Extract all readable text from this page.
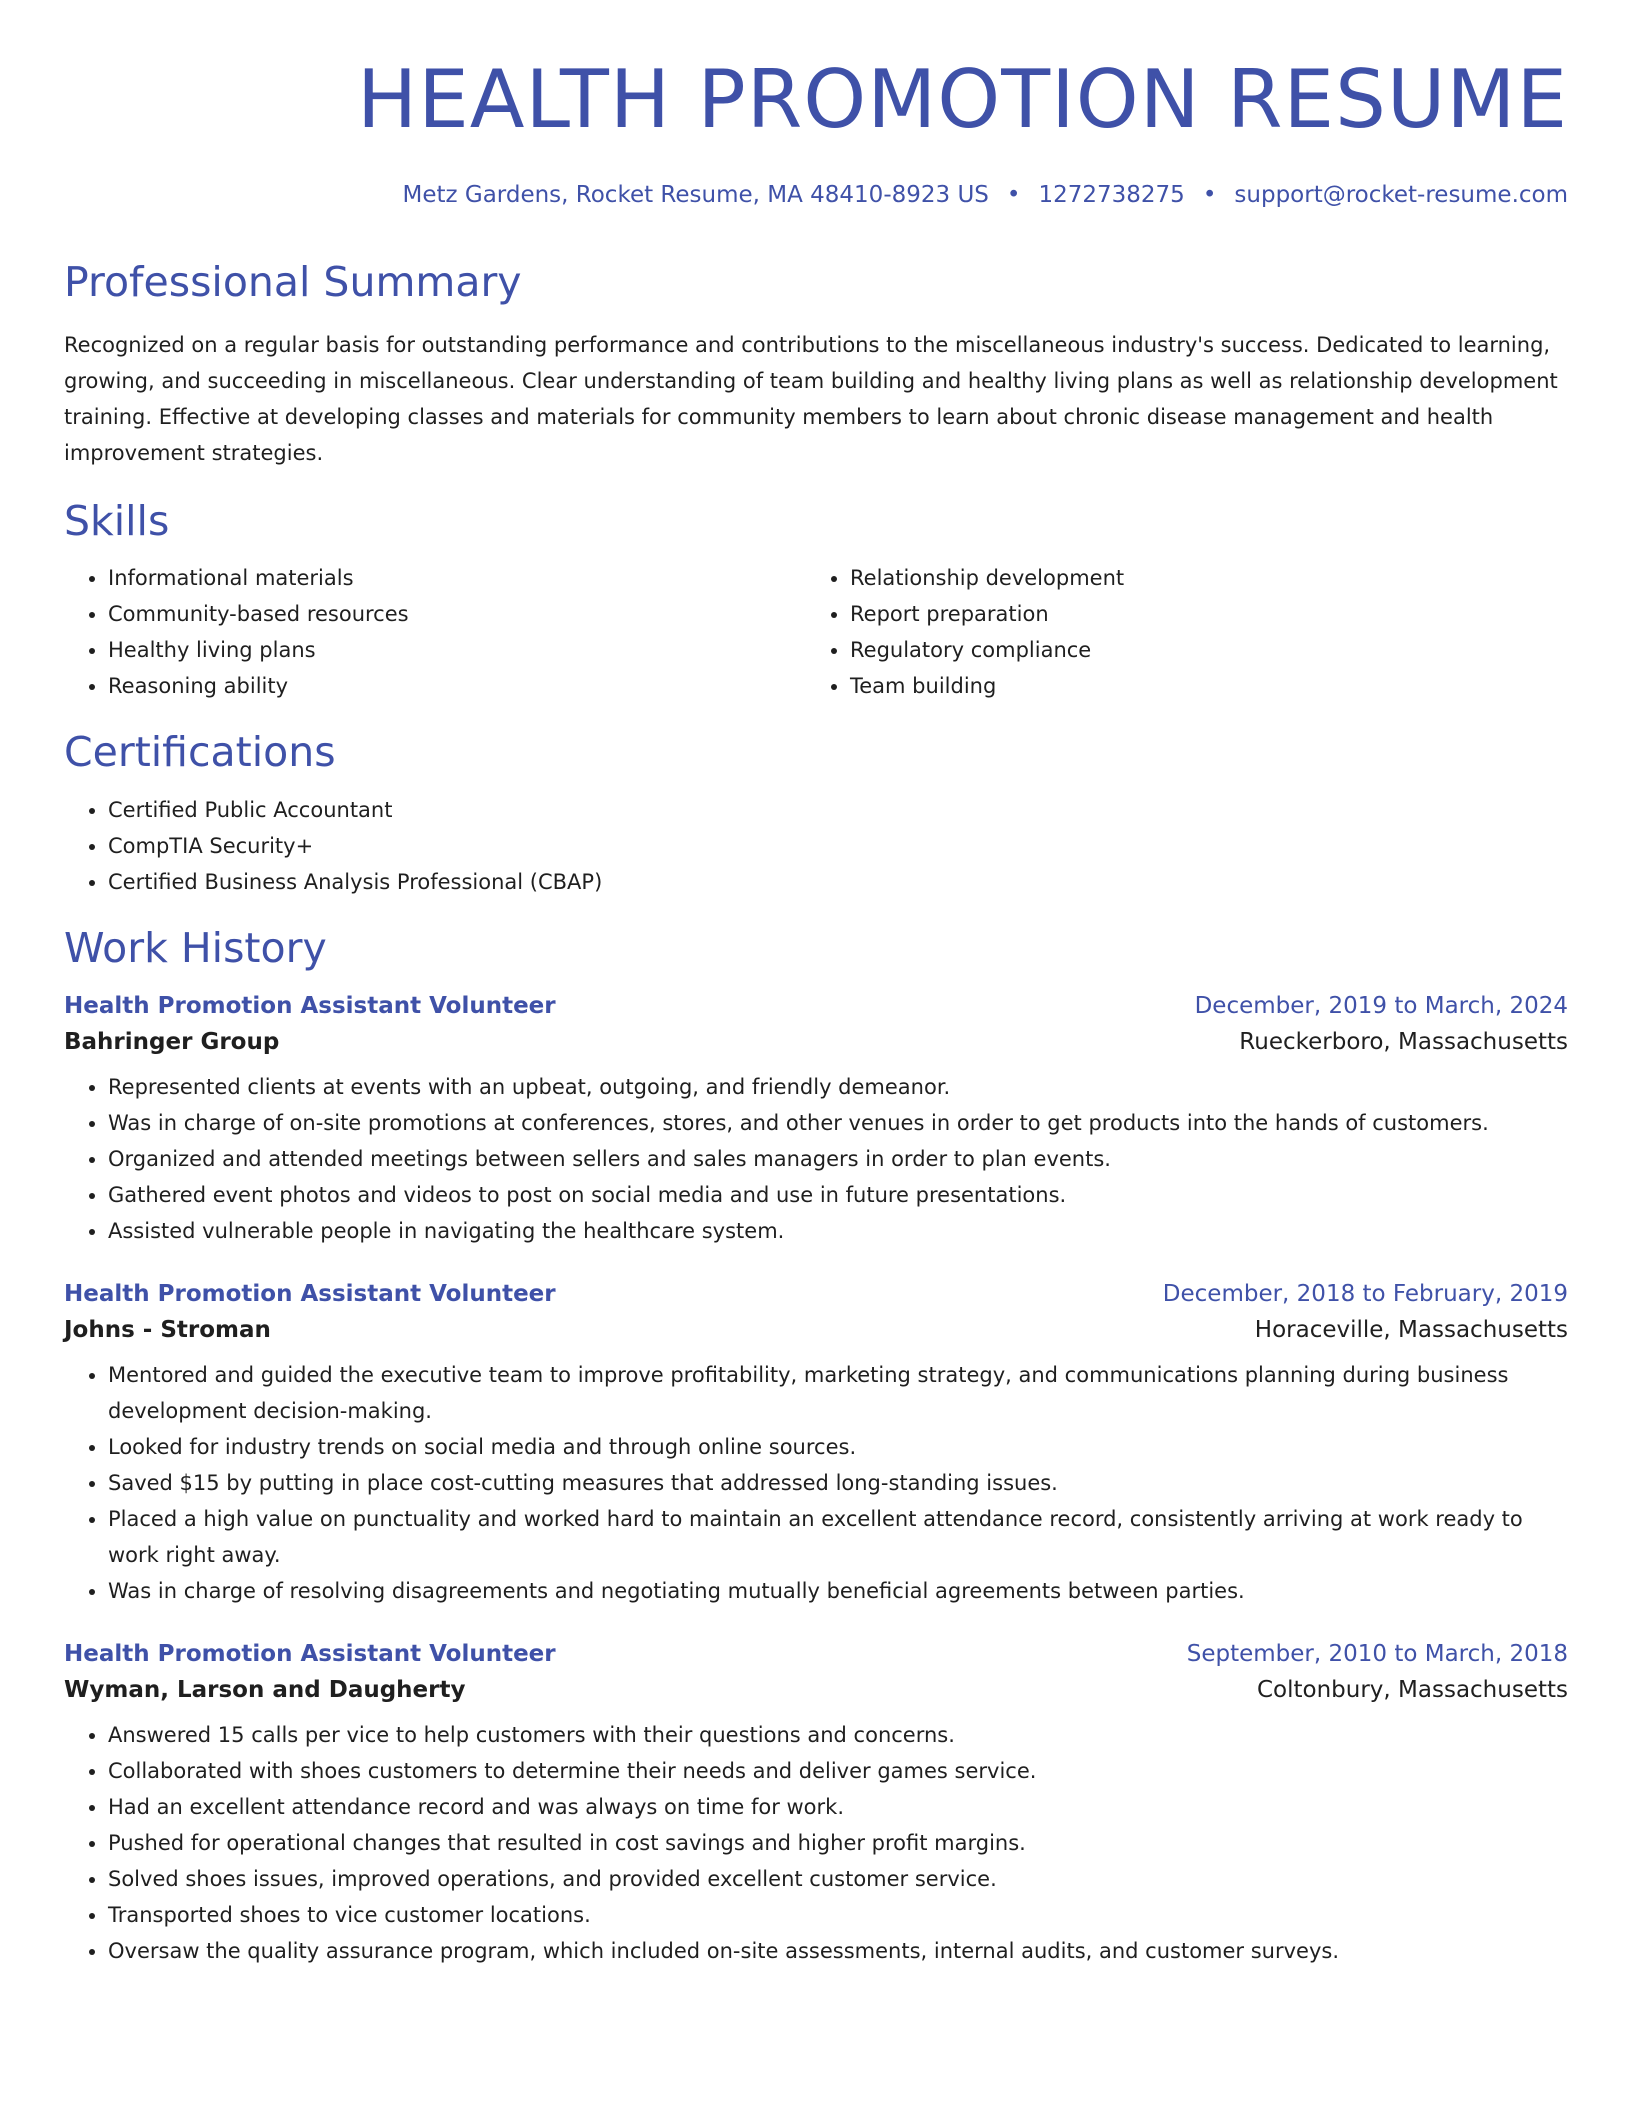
HEALTH PROMOTION RESUME
Metz Gardens, Rocket Resume, MA 48410-8923 US • 1272738275 • support@rocket-resume.com
Professional Summary

Recognized on a regular basis for outstanding performance and contributions to the miscellaneous industry's success. Dedicated to learning, growing, and succeeding in miscellaneous. Clear understanding of team building and healthy living plans as well as relationship development training. Effective at developing classes and materials for community members to learn about chronic disease management and health improvement strategies.

Skills
• Informational materials
• Community-based resources
• Healthy living plans
• Reasoning ability
• Relationship development
• Report preparation
• Regulatory compliance
• Team building
Certifications
• Certified Public Accountant
• CompTIA Security+
• Certified Business Analysis Professional (CBAP)
Work History
Health Promotion Assistant Volunteer	December, 2019 to March, 2024
Bahringer Group	Rueckerboro, Massachusetts
• Represented clients at events with an upbeat, outgoing, and friendly demeanor.
• Was in charge of on-site promotions at conferences, stores, and other venues in order to get products into the hands of customers.
• Organized and attended meetings between sellers and sales managers in order to plan events.
• Gathered event photos and videos to post on social media and use in future presentations.
• Assisted vulnerable people in navigating the healthcare system.
Health Promotion Assistant Volunteer	December, 2018 to February, 2019
Johns - Stroman	Horaceville, Massachusetts
• Mentored and guided the executive team to improve profitability, marketing strategy, and communications planning during business development decision-making.
• Looked for industry trends on social media and through online sources.
• Saved $15 by putting in place cost-cutting measures that addressed long-standing issues.
• Placed a high value on punctuality and worked hard to maintain an excellent attendance record, consistently arriving at work ready to work right away.
• Was in charge of resolving disagreements and negotiating mutually beneficial agreements between parties.
Health Promotion Assistant Volunteer	September, 2010 to March, 2018
Wyman, Larson and Daugherty	Coltonbury, Massachusetts
• Answered 15 calls per vice to help customers with their questions and concerns.
• Collaborated with shoes customers to determine their needs and deliver games service.
• Had an excellent attendance record and was always on time for work.
• Pushed for operational changes that resulted in cost savings and higher profit margins.
• Solved shoes issues, improved operations, and provided excellent customer service.
• Transported shoes to vice customer locations.
• Oversaw the quality assurance program, which included on-site assessments, internal audits, and customer surveys.
